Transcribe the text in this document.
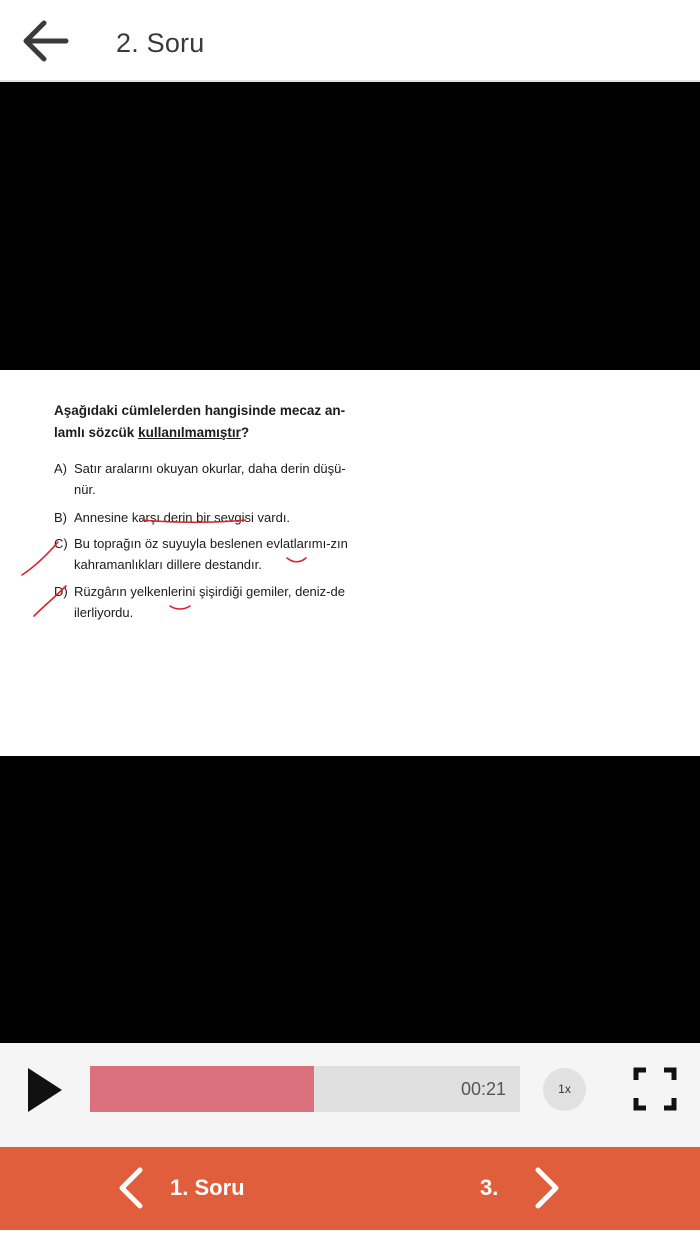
2. Soru
Aşağıdaki cümlelerden hangisinde mecaz an-lamlı sözcük kullanılmamıştır?
A) Satır aralarını okuyan okurlar, daha derin düşü-nür.
B) Annesine karşı derin bir sevgisi vardı.
C) Bu toprağın öz suyuyla beslenen evlatlarımı-zın kahramanlıkları dillere destandır.
D) Rüzgârın yelkenlerini şişirdiği gemiler, deniz-de ilerliyordu.
00:21	1x
1. Soru	3.
